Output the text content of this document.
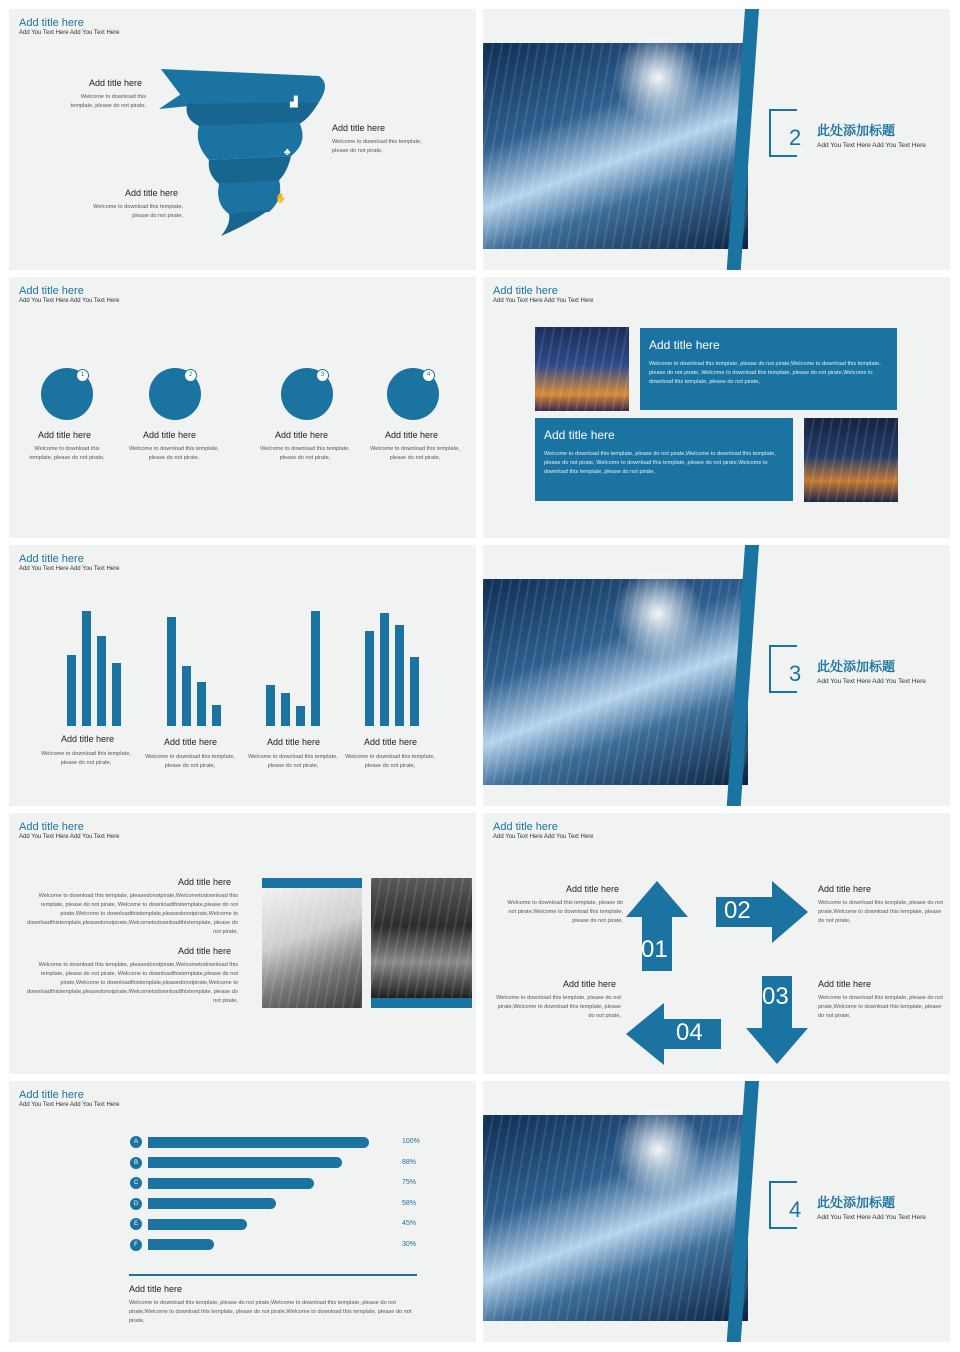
Add title here
Add You Text Here Add You Text Here
▟
♣
✋
Add title here
Welcome to download this template, please do not pirate,
Add title here
Welcome to download this template, please do not pirate,
Add title here
Welcome to download this template, please do not pirate,
2 此处添加标题
Add You Text Here Add You Text Here
Add title here
Add You Text Here Add You Text Here
1
Add title here
Welcome to download this template, please do not pirate,
2
Add title here
Welcome to download this template, please do not pirate,
3
Add title here
Welcome to download this template, please do not pirate,
4
Add title here
Welcome to download this template, please do not pirate,
Add title here
Add You Text Here Add You Text Here
Add title here
Welcome to download this template, please do not pirate,Welcome to download this template, please do not pirate, Welcome to download this template, please do not pirate,Welcome to download this template, please do not pirate,
Add title here
Welcome to download this template, please do not pirate,Welcome to download this template, please do not pirate, Welcome to download this template, please do not pirate,Welcome to download this template, please do not pirate,
Add title here
Add You Text Here Add You Text Here
Add title here
Welcome to download this template, please do not pirate,
Add title here
Welcome to download this template, please do not pirate,
Add title here
Welcome to download this template, please do not pirate,
Add title here
Welcome to download this template, please do not pirate,
3 此处添加标题
Add You Text Here Add You Text Here
Add title here
Add You Text Here Add You Text Here
Add title here
Welcome to download this template, pleasedonotpirate,Welcometodownload this template, please do not pirate, Welcome to downloadthistemplate,please do not pirate,Welcome to downloadthistemplate,pleasedonotpirate,Welcome to downloadthistemplate,pleasedonotpirate,Welcometodownloadthistemplate, please do not pirate,
Add title here
Welcome to download this template, pleasedonotpirate,Welcometodownload this template, please do not pirate, Welcome to downloadthistemplate,please do not pirate,Welcome to downloadthistemplate,pleasedonotpirate,Welcome to downloadthistemplate,pleasedonotpirate,Welcometodownloadthistemplate, please do not pirate,
Add title here
Add You Text Here Add You Text Here
01
02
03
04
Add title here
Welcome to download this template, please do not pirate,Welcome to download this template, please do not pirate,
Add title here
Welcome to download this template, please do not pirate,Welcome to download this template, please do not pirate,
Add title here
Welcome to download this template, please do not pirate,Welcome to download this template, please do not pirate,
Add title here
Welcome to download this template, please do not pirate,Welcome to download this template, please do not pirate,
Add title here
Add You Text Here Add You Text Here
A	100%
B	88%
C	75%
D	58%
E	45%
F	30%
Add title here
Welcome to download this template, please do not pirate,Welcome to download this template, please do not pirate,Welcome to download this template, please do not pirate,Welcome to download this template, please do not pirate,
4 此处添加标题
Add You Text Here Add You Text Here
